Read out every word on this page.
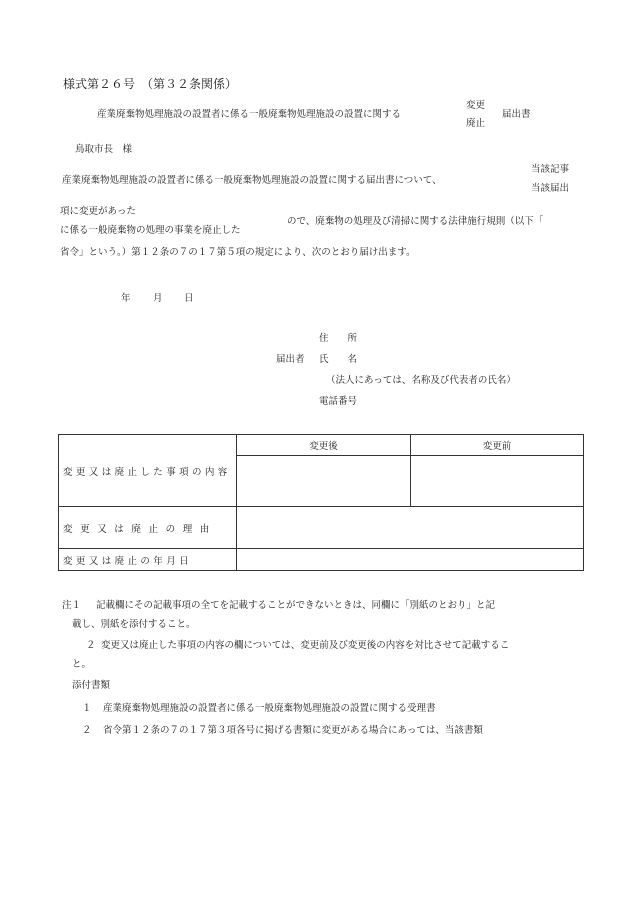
様式第２６号　（第３２条関係）
産業廃棄物処理施設の設置者に係る一般廃棄物処理施設の設置に関する
変更
廃止
届出書
鳥取市長　様
産業廃棄物処理施設の設置者に係る一般廃棄物処理施設の設置に関する届出書について、
当該記事
当該届出
項に変更があった
に係る一般廃棄物の処理の事業を廃止した
ので、廃棄物の処理及び清掃に関する法律施行規則（以下「
省令」という。）第１２条の７の１７第５項の規定により、次のとおり届け出ます。
年 月 日
住　　所
届出者 氏　　名
（法人にあっては、名称及び代表者の氏名）
電話番号
変更又は廃止した事項の内容	変更後	変更前

変更又は廃止の理由		
変更又は廃止の年月日		
注１ 記載欄にその記載事項の全てを記載することができないときは、同欄に「別紙のとおり」と記
載し、別紙を添付すること。
２ 変更又は廃止した事項の内容の欄については、変更前及び変更後の内容を対比させて記載するこ
と。
添付書類
１ 産業廃棄物処理施設の設置者に係る一般廃棄物処理施設の設置に関する受理書
２ 省令第１２条の７の１７第３項各号に掲げる書類に変更がある場合にあっては、当該書類
